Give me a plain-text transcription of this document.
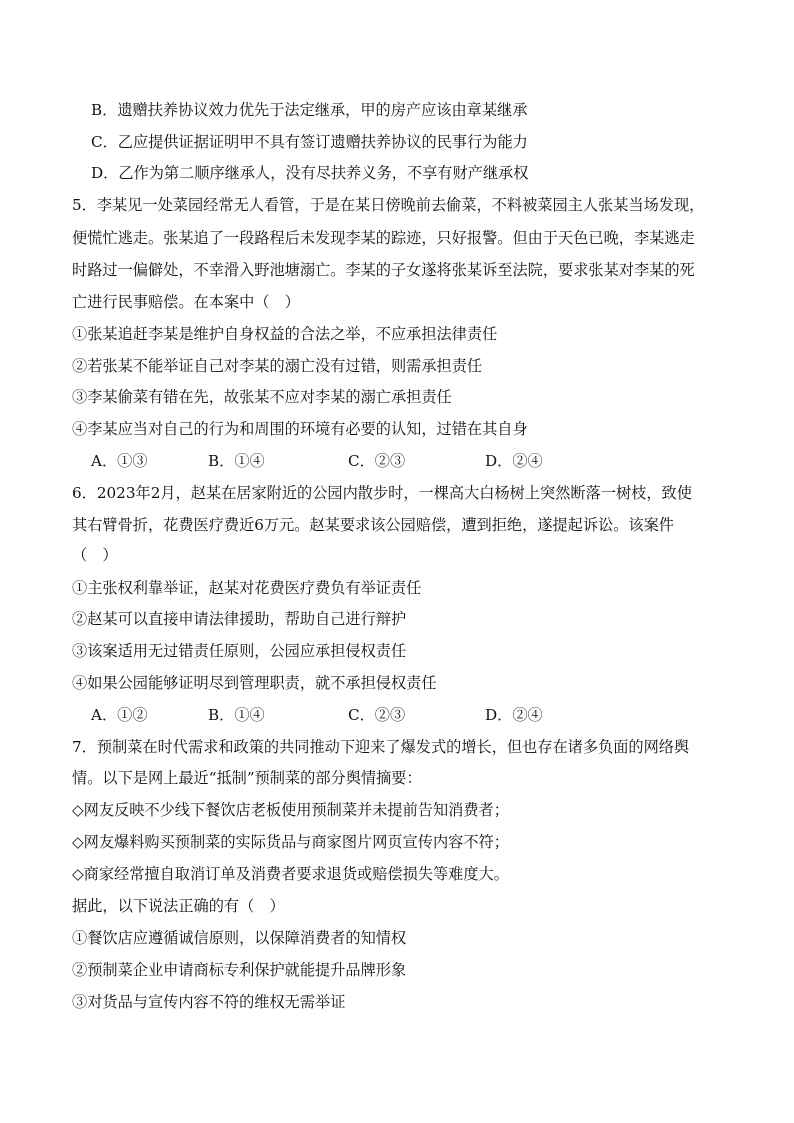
B．遗赠扶养协议效力优先于法定继承，甲的房产应该由章某继承
C．乙应提供证据证明甲不具有签订遗赠扶养协议的民事行为能力
D．乙作为第二顺序继承人，没有尽扶养义务，不享有财产继承权
5．李某见一处菜园经常无人看管，于是在某日傍晚前去偷菜，不料被菜园主人张某当场发现，
便慌忙逃走。张某追了一段路程后未发现李某的踪迹，只好报警。但由于天色已晚，李某逃走
时路过一偏僻处，不幸滑入野池塘溺亡。李某的子女遂将张某诉至法院，要求张某对李某的死
亡进行民事赔偿。在本案中（　）
①张某追赶李某是维护自身权益的合法之举，不应承担法律责任
②若张某不能举证自己对李某的溺亡没有过错，则需承担责任
③李某偷菜有错在先，故张某不应对李某的溺亡承担责任
④李某应当对自己的行为和周围的环境有必要的认知，过错在其自身
A．①③	B．①④	C．②③	D．②④
6．2023年2月，赵某在居家附近的公园内散步时，一棵高大白杨树上突然断落一树枝，致使
其右臂骨折，花费医疗费近6万元。赵某要求该公园赔偿，遭到拒绝，遂提起诉讼。该案件
（　）
①主张权利靠举证，赵某对花费医疗费负有举证责任
②赵某可以直接申请法律援助，帮助自己进行辩护
③该案适用无过错责任原则，公园应承担侵权责任
④如果公园能够证明尽到管理职责，就不承担侵权责任
A．①②	B．①④	C．②③	D．②④
7．预制菜在时代需求和政策的共同推动下迎来了爆发式的增长，但也存在诸多负面的网络舆
情。以下是网上最近“抵制”预制菜的部分舆情摘要：
◇网友反映不少线下餐饮店老板使用预制菜并未提前告知消费者；
◇网友爆料购买预制菜的实际货品与商家图片网页宣传内容不符；
◇商家经常擅自取消订单及消费者要求退货或赔偿损失等难度大。
据此，以下说法正确的有（　）
①餐饮店应遵循诚信原则，以保障消费者的知情权
②预制菜企业申请商标专利保护就能提升品牌形象
③对货品与宣传内容不符的维权无需举证
